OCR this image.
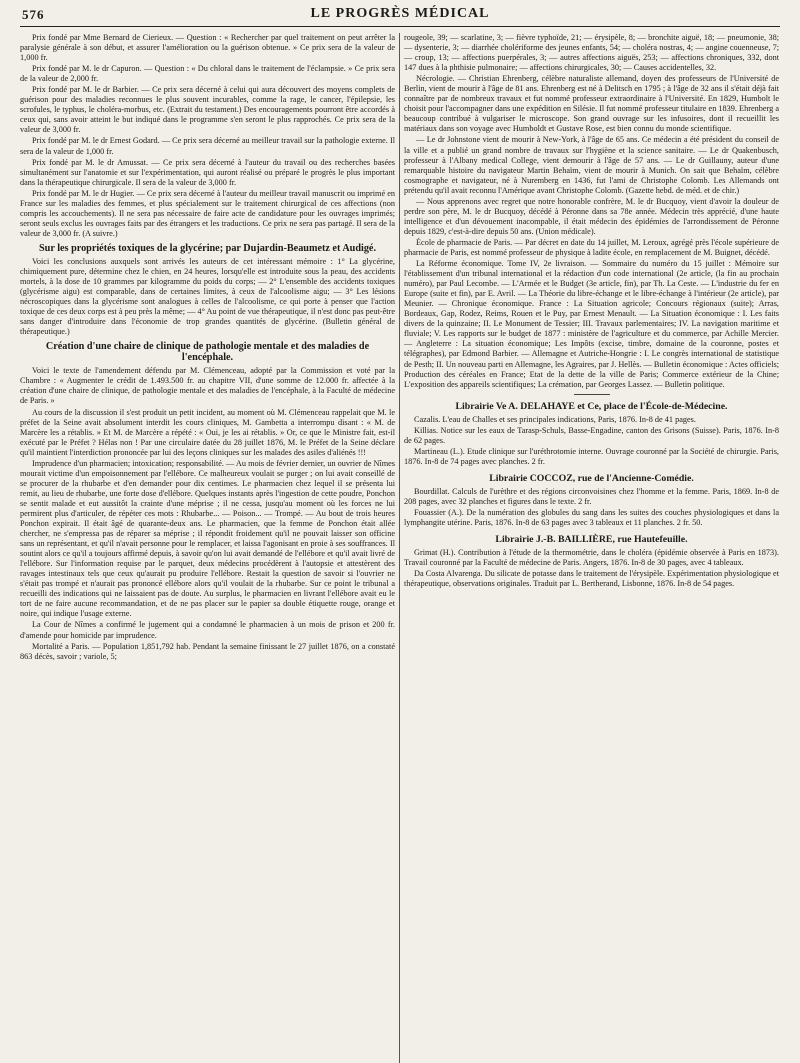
576	LE PROGRÈS MÉDICAL

Prix fondé par Mme Bernard de Cierieux. — Question : « Rechercher par quel traitement on peut arrêter la paralysie générale à son début, et assurer l'amélioration ou la guérison obtenue. » Ce prix sera de la valeur de 1,000 fr.

Prix fondé par M. le dr Capuron. — Question : « Du chloral dans le traitement de l'éclampsie. » Ce prix sera de la valeur de 2,000 fr.

Prix fondé par M. le dr Barbier. — Ce prix sera décerné à celui qui aura découvert des moyens complets de guérison pour des maladies reconnues le plus souvent incurables, comme la rage, le cancer, l'épilepsie, les scrofules, le typhus, le choléra-morbus, etc. (Extrait du testament.) Des encouragements pourront être accordés à ceux qui, sans avoir atteint le but indiqué dans le programme s'en seront le plus rapprochés. Ce prix sera de la valeur de 3,000 fr.

Prix fondé par M. le dr Ernest Godard. — Ce prix sera décerné au meilleur travail sur la pathologie externe. Il sera de la valeur de 1,000 fr.

Prix fondé par M. le dr Amussat. — Ce prix sera décerné à l'auteur du travail ou des recherches basées simultanément sur l'anatomie et sur l'expérimentation, qui auront réalisé ou préparé le progrès le plus important dans la thérapeutique chirurgicale. Il sera de la valeur de 3,000 fr.

Prix fondé par M. le dr Hugier. — Ce prix sera décerné à l'auteur du meilleur travail manuscrit ou imprimé en France sur les maladies des femmes, et plus spécialement sur le traitement chirurgical de ces affections (non compris les accouchements). Il ne sera pas nécessaire de faire acte de candidature pour les ouvrages imprimés; seront seuls exclus les ouvrages faits par des étrangers et les traductions. Ce prix ne sera pas partagé. Il sera de la valeur de 3,000 fr. (A suivre.)

Sur les propriétés toxiques de la glycérine; par Dujardin-Beaumetz et Audigé.

Voici les conclusions auxquels sont arrivés les auteurs de cet intéressant mémoire : 1° La glycérine, chimiquement pure, détermine chez le chien, en 24 heures, lorsqu'elle est introduite sous la peau, des accidents mortels, à la dose de 10 grammes par kilogramme du poids du corps; — 2° L'ensemble des accidents toxiques (glycérisme aigu) est comparable, dans de certaines limites, à ceux de l'alcoolisme aigu; — 3° Les lésions nécroscopiques dans la glycérisme sont analogues à celles de l'alcoolisme, ce qui porte à penser que l'action toxique de ces deux corps est à peu près la même; — 4° Au point de vue thérapeutique, il n'est donc pas peut-être sans danger d'introduire dans l'économie de trop grandes quantités de glycérine. (Bulletin général de thérapeutique.)

Création d'une chaire de clinique de pathologie mentale et des maladies de l'encéphale.

Voici le texte de l'amendement défendu par M. Clémenceau, adopté par la Commission et voté par la Chambre : « Augmenter le crédit de 1.493.500 fr. au chapitre VII, d'une somme de 12.000 fr. affectée à la création d'une chaire de clinique, de pathologie mentale et des maladies de l'encéphale, à la Faculté de médecine de Paris. »

Au cours de la discussion il s'est produit un petit incident, au moment où M. Clémenceau rappelait que M. le préfet de la Seine avait absolument interdit les cours cliniques, M. Gambetta a interrompu disant : « M. de Marcère les a rétablis. » Et M. de Marcère a répété : « Oui, je les ai rétablis. » Or, ce que le Ministre fait, est-il exécuté par le Préfet ? Hélas non ! Par une circulaire datée du 28 juillet 1876, M. le Préfet de la Seine déclare qu'il maintient l'interdiction prononcée par lui des leçons cliniques sur les malades des asiles d'aliénés !!!

Imprudence d'un pharmacien; intoxication; responsabilité. — Au mois de février dernier, un ouvrier de Nîmes mourait victime d'un empoisonnement par l'ellébore. Ce malheureux voulait se purger ; on lui avait conseillé de se procurer de la rhubarbe et d'en demander pour dix centimes. Le pharmacien chez lequel il se présenta lui remit, au lieu de rhubarbe, une forte dose d'ellébore. Quelques instants après l'ingestion de cette poudre, Ponchon se sentit malade et eut aussitôt la crainte d'une méprise ; il ne cessa, jusqu'au moment où les forces ne lui permirent plus d'articuler, de répéter ces mots : Rhubarbe... — Poison... — Trompé. — Au bout de trois heures Ponchon expirait. Il était âgé de quarante-deux ans. Le pharmacien, que la femme de Ponchon était allée chercher, ne s'empressa pas de réparer sa méprise ; il répondit froidement qu'il ne pouvait laisser son officine sans un représentant, et qu'il n'avait personne pour le remplacer, et laissa l'agonisant en proie à ses souffrances. Il soutint alors ce qu'il a toujours affirmé depuis, à savoir qu'on lui avait demandé de l'ellébore et qu'il avait livré de l'ellébore. Sur l'information requise par le parquet, deux médecins procédèrent à l'autopsie et attestèrent des ravages intestinaux tels que ceux qu'aurait pu produire l'ellébore. Restait la question de savoir si l'ouvrier ne s'était pas trompé et n'aurait pas prononcé ellébore alors qu'il voulait de la rhubarbe. Sur ce point le tribunal a recueilli des indications qui ne laissaient pas de doute. Au surplus, le pharmacien en livrant l'ellébore avait eu le tort de ne faire aucune recommandation, et de ne pas placer sur le papier sa double étiquette rouge, orange et noire, qui indique l'usage externe.

La Cour de Nîmes a confirmé le jugement qui a condamné le pharmacien à un mois de prison et 200 fr. d'amende pour homicide par imprudence.

Mortalité a Paris. — Population 1,851,792 hab. Pendant la semaine finissant le 27 juillet 1876, on a constaté 863 décès, savoir ; variole, 5;

rougeole, 39; — scarlatine, 3; — fièvre typhoïde, 21; — érysipèle, 8; — bronchite aiguë, 18; — pneumonie, 38; — dysenterie, 3; — diarrhée cholériforme des jeunes enfants, 54; — choléra nostras, 4; — angine couenneuse, 7; — croup, 13; — affections puerpérales, 3; — autres affections aiguës, 253; — affections chroniques, 332, dont 147 dues à la phthisie pulmonaire; — affections chirurgicales, 30; — Causes accidentelles, 32.

Nécrologie. — Christian Ehrenberg, célèbre naturaliste allemand, doyen des professeurs de l'Université de Berlin, vient de mourir à l'âge de 81 ans. Ehrenberg est né à Delitsch en 1795 ; à l'âge de 32 ans il s'était déjà fait connaître par de nombreux travaux et fut nommé professeur extraordinaire à l'Université. En 1829, Humbolt le choisit pour l'accompagner dans une expédition en Silésie. Il fut nommé professeur titulaire en 1839. Ehrenberg a beaucoup contribué à vulgariser le microscope. Son grand ouvrage sur les infusoires, dont il recueillit les matériaux dans son voyage avec Humboldt et Gustave Rose, est bien connu du monde scientifique.

— Le dr Johnstone vient de mourir à New-York, à l'âge de 65 ans. Ce médecin a été président du conseil de la ville et a publié un grand nombre de travaux sur l'hygiène et la science sanitaire. — Le dr Quakenbusch, professeur à l'Albany medical College, vient demourir à l'âge de 57 ans. — Le dr Guillauny, auteur d'une remarquable histoire du navigateur Martin Behaïm, vient de mourir à Munich. On sait que Behaïm, célèbre cosmographe et navigateur, né à Nuremberg en 1436, fut l'ami de Christophe Colomb. Les Allemands ont prétendu qu'il avait reconnu l'Amérique avant Christophe Colomb. (Gazette hebd. de méd. et de chir.)

— Nous apprenons avec regret que notre honorable confrère, M. le dr Bucquoy, vient d'avoir la douleur de perdre son père, M. le dr Bucquoy, décédé à Péronne dans sa 78e année. Médecin très apprécié, d'une haute intelligence et d'un dévouement inacompable, il était médecin des épidémies de l'arrondissement de Péronne depuis 1829, c'est-à-dire depuis 50 ans. (Union médicale).

École de pharmacie de Paris. — Par décret en date du 14 juillet, M. Leroux, agrégé près l'école supérieure de pharmacie de Paris, est nommé professeur de physique à ladite école, en remplacement de M. Buignet, décédé.

La Réforme économique. Tome IV, 2e livraison. — Sommaire du numéro du 15 juillet : Mémoire sur l'établissement d'un tribunal international et la rédaction d'un code international (2e article, (la fin au prochain numéro), par Paul Lecombe. — L'Armée et le Budget (3e article, fin), par Th. La Ceste. — L'industrie du fer en Europe (suite et fin), par E. Avril. — La Théorie du libre-échange et le libre-échange à l'intérieur (2e article), par Meunier. — Chronique économique. France : La Situation agricole; Concours régionaux (suite); Arras, Bordeaux, Gap, Rodez, Reims, Rouen et le Puy, par Ernest Menault. — La Situation économique : I. Les faits divers de la quinzaine; II. Le Monument de Tessier; III. Travaux parlementaires; IV. La navigation maritime et fluviale; V. Les rapports sur le budget de 1877 : ministère de l'agriculture et du commerce, par Achille Mercier. — Angleterre : La situation économique; Les Impôts (excise, timbre, domaine de la couronne, postes et télégraphes), par Edmond Barbier. — Allemagne et Autriche-Hongrie : I. Le congrès international de statistique de Pesth; II. Un nouveau parti en Allemagne, les Agraires, par J. Hellès. — Bulletin économique : Actes officiels; Production des céréales en France; Etat de la dette de la ville de Paris; Commerce extérieur de la Chine; L'exposition des appareils scientifiques; La crémation, par Georges Lassez. — Bulletin politique.

Librairie Ve A. DELAHAYE et Ce, place de l'École-de-Médecine.

Cazalis. L'eau de Challes et ses principales indications, Paris, 1876. In-8 de 41 pages.

Killias. Notice sur les eaux de Tarasp-Schuls, Basse-Engadine, canton des Grisons (Suisse). Paris, 1876. In-8 de 62 pages.

Martineau (L.). Etude clinique sur l'uréthrotomie interne. Ouvrage couronné par la Société de chirurgie. Paris, 1876. In-8 de 74 pages avec planches. 2 fr.

Librairie COCCOZ, rue de l'Ancienne-Comédie.

Bourdillat. Calculs de l'urèthre et des régions circonvoisines chez l'homme et la femme. Paris, 1869. In-8 de 208 pages, avec 32 planches et figures dans le texte. 2 fr.

Fouassier (A.). De la numération des globules du sang dans les suites des couches physiologiques et dans la lymphangite utérine. Paris, 1876. In-8 de 63 pages avec 3 tableaux et 11 planches. 2 fr. 50.

Librairie J.-B. BAILLIÈRE, rue Hautefeuille.

Grimat (H.). Contribution à l'étude de la thermométrie, dans le choléra (épidémie observée à Paris en 1873). Travail couronné par la Faculté de médecine de Paris. Angers, 1876. In-8 de 30 pages, avec 4 tableaux.

Da Costa Alvarenga. Du silicate de potasse dans le traitement de l'érysipèle. Expérimentation physiologique et thérapeutique, observations originales. Traduit par L. Bertherand, Lisbonne, 1876. In-8 de 54 pages.
